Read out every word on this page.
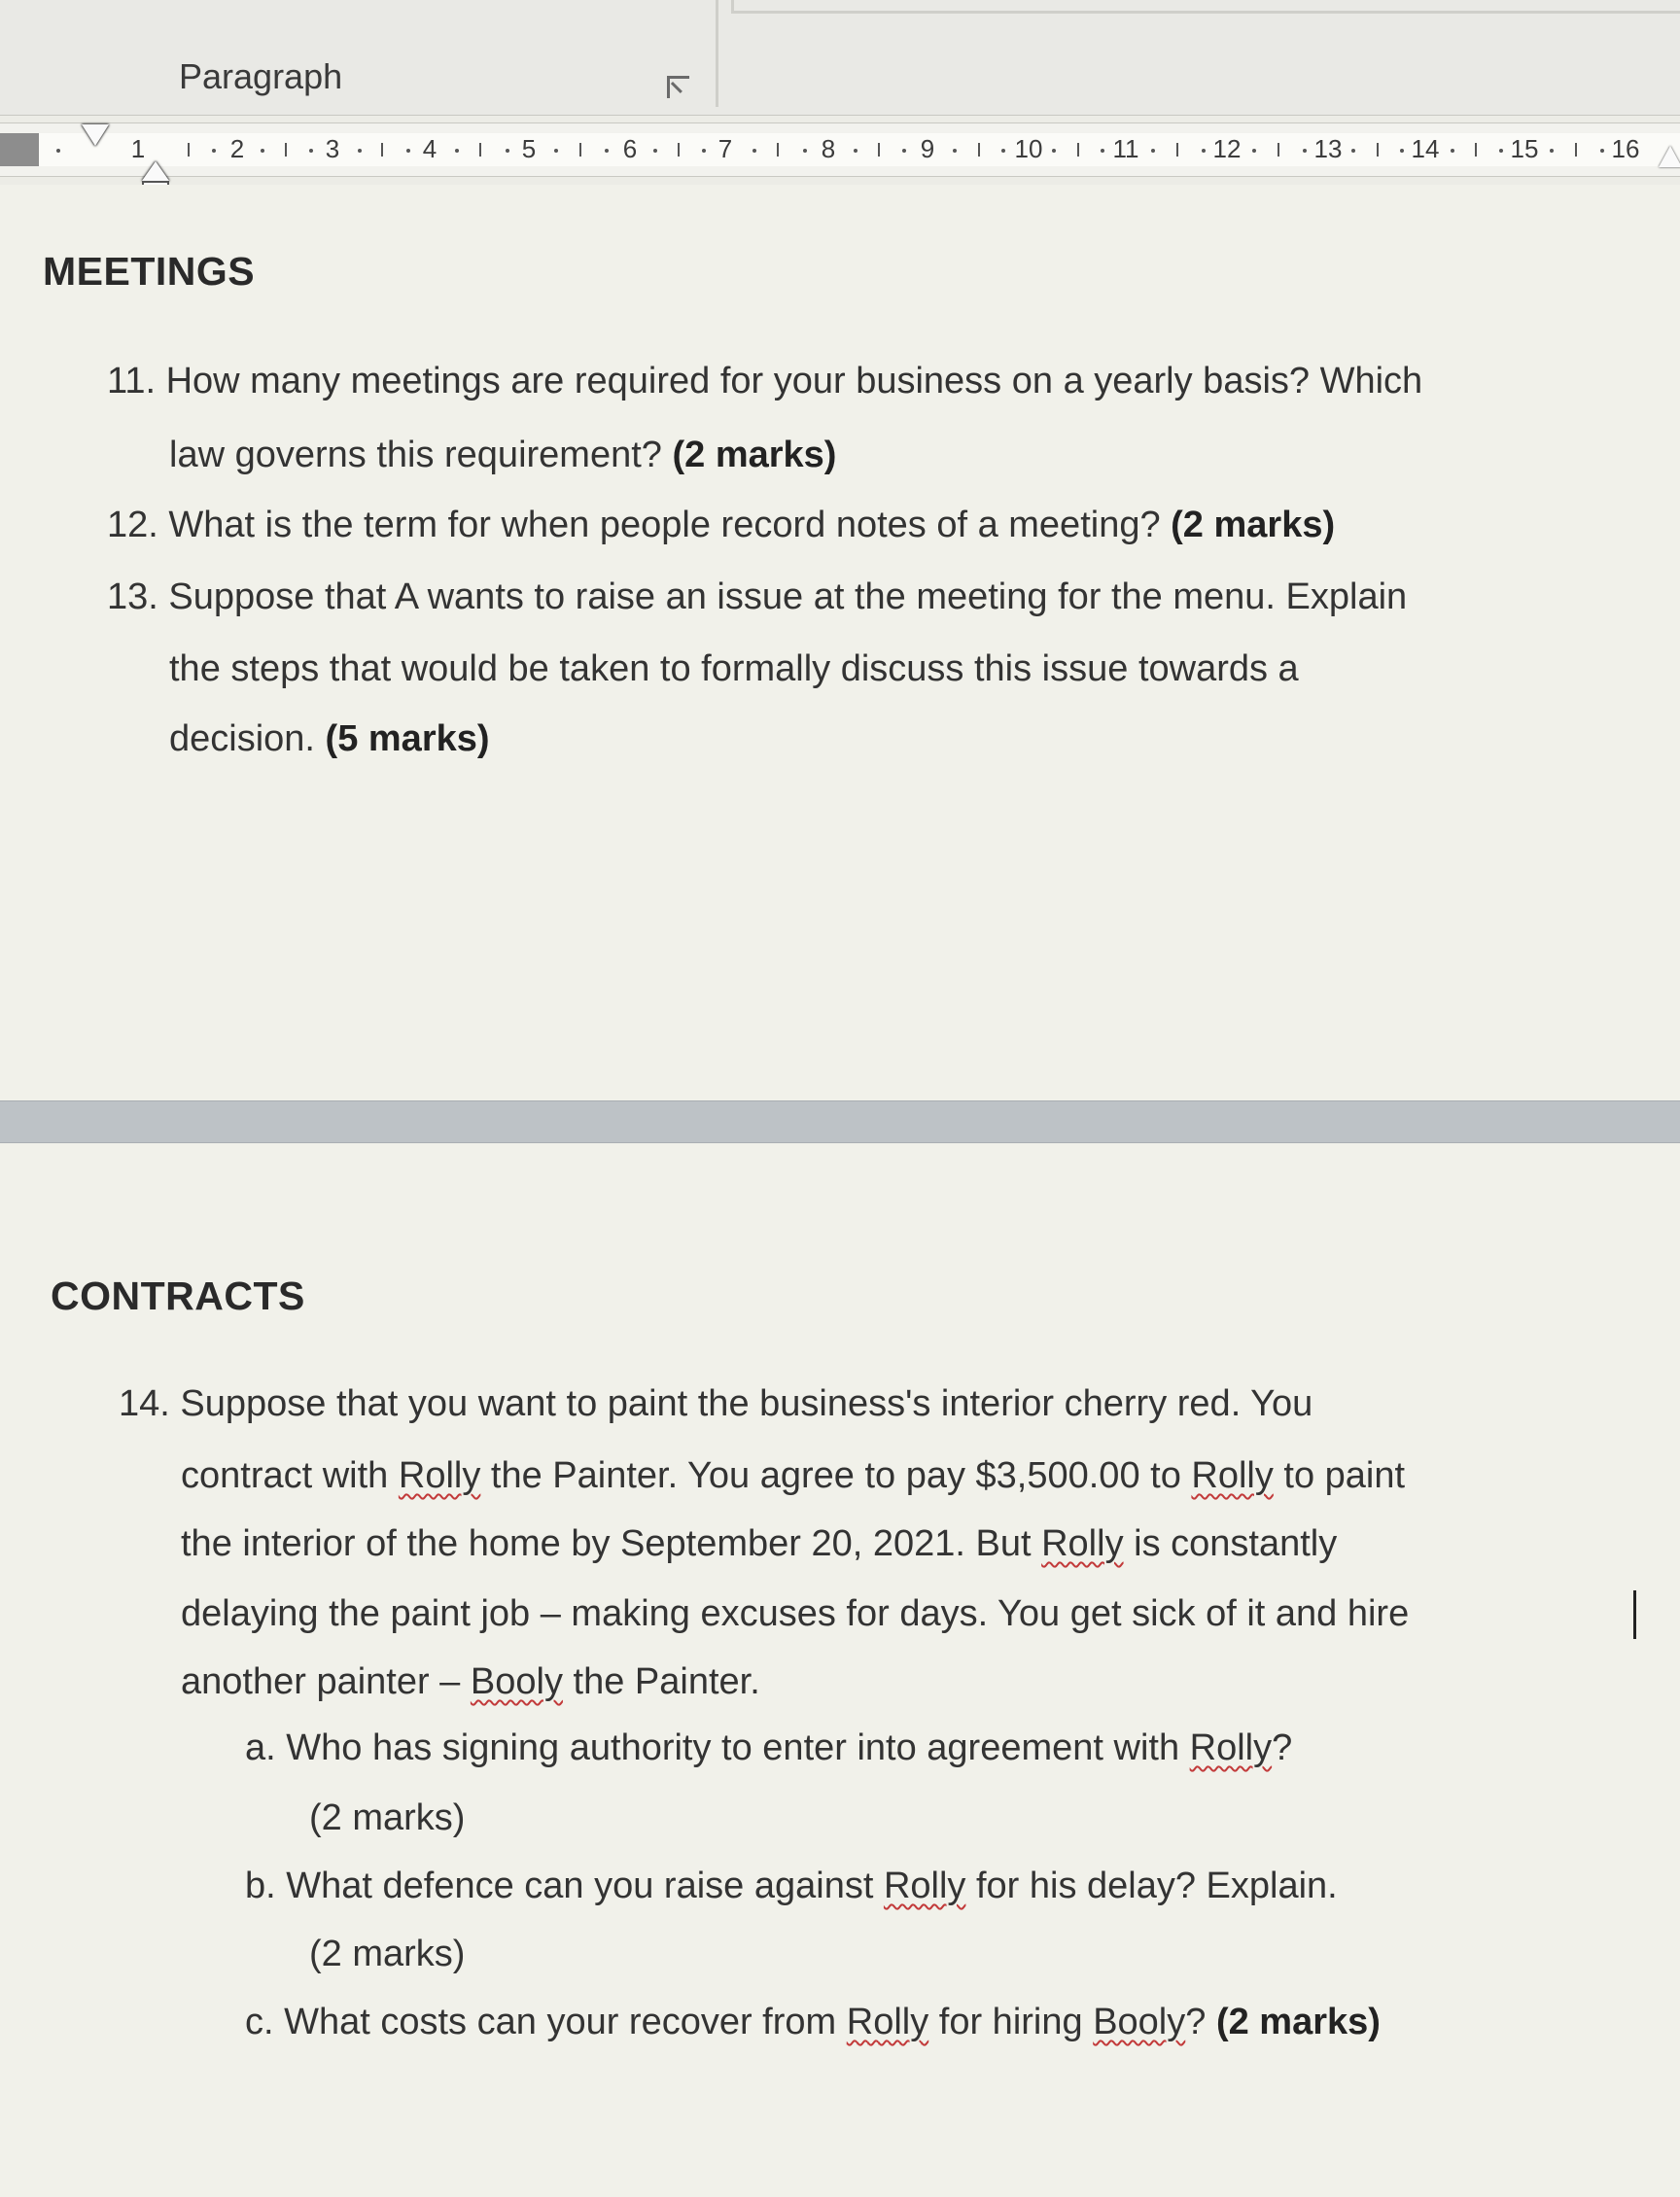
Paragraph
1	2	3	4	5	6	7	8	9	10	11	12	13	14	15	16
MEETINGS
11. How many meetings are required for your business on a yearly basis? Which
law governs this requirement? (2 marks)
12. What is the term for when people record notes of a meeting? (2 marks)
13. Suppose that A wants to raise an issue at the meeting for the menu. Explain
the steps that would be taken to formally discuss this issue towards a
decision. (5 marks)
CONTRACTS
14. Suppose that you want to paint the business's interior cherry red. You
contract with Rolly the Painter. You agree to pay $3,500.00 to Rolly to paint
the interior of the home by September 20, 2021. But Rolly is constantly
delaying the paint job – making excuses for days. You get sick of it and hire
another painter – Booly the Painter.
a. Who has signing authority to enter into agreement with Rolly?
(2 marks)
b. What defence can you raise against Rolly for his delay? Explain.
(2 marks)
c. What costs can your recover from Rolly for hiring Booly? (2 marks)
